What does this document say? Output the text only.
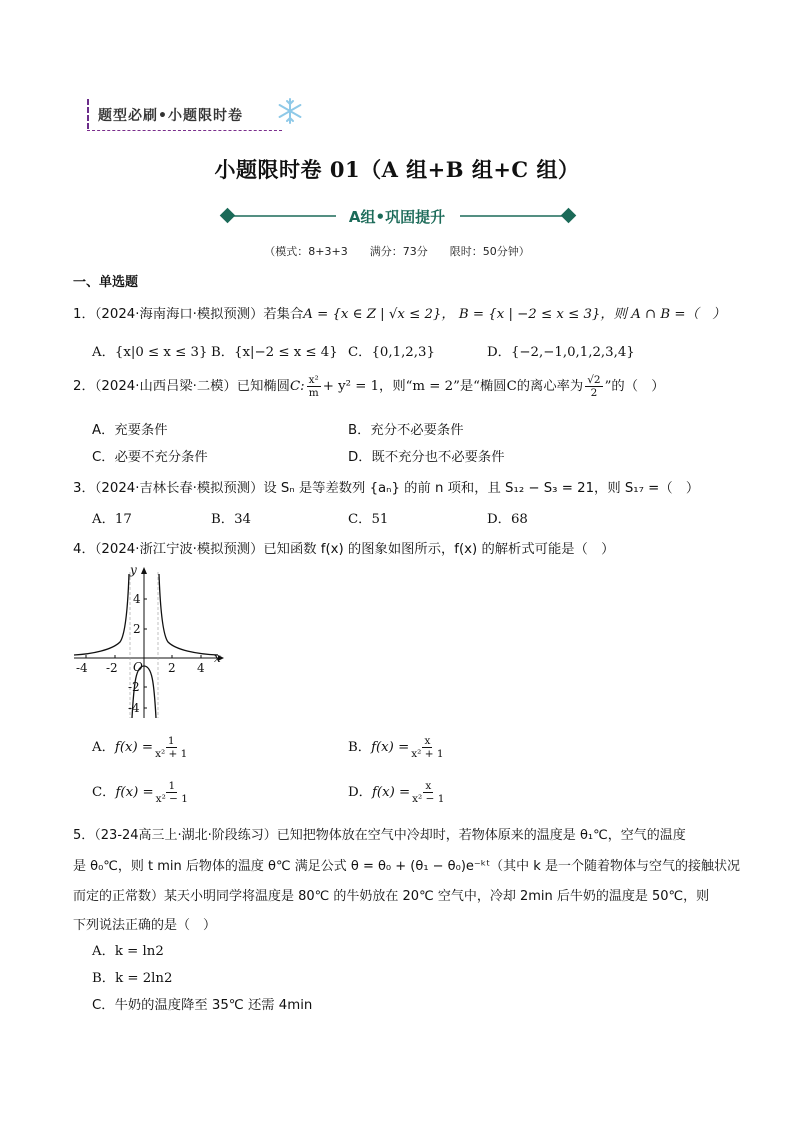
题型必刷•小题限时卷
小题限时卷 01（A 组+B 组+C 组）
A组•巩固提升
（模式：8+3+3　　满分：73分　　限时：50分钟）
一、单选题
1．（2024·海南海口·模拟预测）若集合A = {x ∈ Z | √x ≤ 2}， B = {x | −2 ≤ x ≤ 3}，则 A ∩ B =（　）
A．{x|0 ≤ x ≤ 3} B．{x|−2 ≤ x ≤ 4} C．{0,1,2,3}	D．{−2,−1,0,1,2,3,4}
2．（2024·山西吕梁·二模）已知椭圆C: $\frac{\text{x²}}{m} + y^2 = 1$，则“m = 2”是“椭圆C的离心率为 $\frac{√2}{2}$ ”的（　）
A．充要条件	B．充分不必要条件
C．必要不充分条件	D．既不充分也不必要条件
3．（2024·吉林长春·模拟预测）设 Sₙ 是等差数列 {aₙ} 的前 n 项和，且 S₁₂ − S₃ = 21，则 S₁₇ =（　）
A．17	B．34	C．51	D．68
4．（2024·浙江宁波·模拟预测）已知函数 f(x) 的图象如图所示，f(x) 的解析式可能是（　）
-4 -2	2 4
4
2
-2
-4
O
x
y
A．$f(x) = \frac{1}{\text{x² + 1}}$	B．$f(x) = \frac{x}{\text{x² + 1}}$
C．$f(x) = \frac{1}{\text{x² − 1}}$	D．$f(x) = \frac{x}{\text{x² − 1}}$
5．（23-24高三上·湖北·阶段练习）已知把物体放在空气中冷却时，若物体原来的温度是 θ₁℃，空气的温度
是 θ₀℃，则 t min 后物体的温度 θ℃ 满足公式 θ = θ₀ + (θ₁ − θ₀)e⁻ᵏᵗ（其中 k 是一个随着物体与空气的接触状况
而定的正常数）某天小明同学将温度是 80℃ 的牛奶放在 20℃ 空气中，冷却 2min 后牛奶的温度是 50℃，则
下列说法正确的是（　）
A．k = ln2
B．k = 2ln2
C．牛奶的温度降至 35℃ 还需 4min
